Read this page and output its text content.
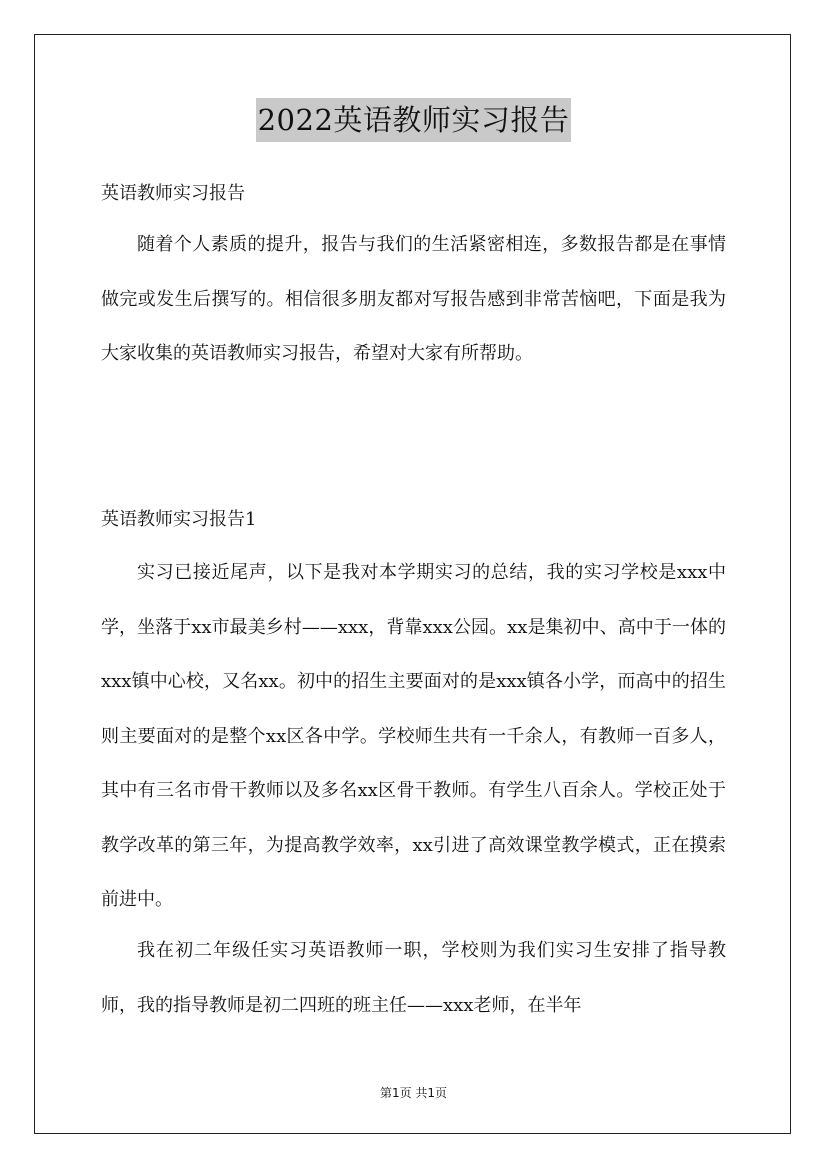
2022英语教师实习报告

英语教师实习报告

随着个人素质的提升，报告与我们的生活紧密相连，多数报告都是在事情做完或发生后撰写的。相信很多朋友都对写报告感到非常苦恼吧，下面是我为大家收集的英语教师实习报告，希望对大家有所帮助。

英语教师实习报告1

实习已接近尾声，以下是我对本学期实习的总结，我的实习学校是xxx中学，坐落于xx市最美乡村——xxx，背靠xxx公园。xx是集初中、高中于一体的xxx镇中心校，又名xx。初中的招生主要面对的是xxx镇各小学，而高中的招生则主要面对的是整个xx区各中学。学校师生共有一千余人，有教师一百多人，其中有三名市骨干教师以及多名xx区骨干教师。有学生八百余人。学校正处于教学改革的第三年，为提高教学效率，xx引进了高效课堂教学模式，正在摸索前进中。

我在初二年级任实习英语教师一职，学校则为我们实习生安排了指导教师，我的指导教师是初二四班的班主任——xxx老师，在半年

第1页 共1页
